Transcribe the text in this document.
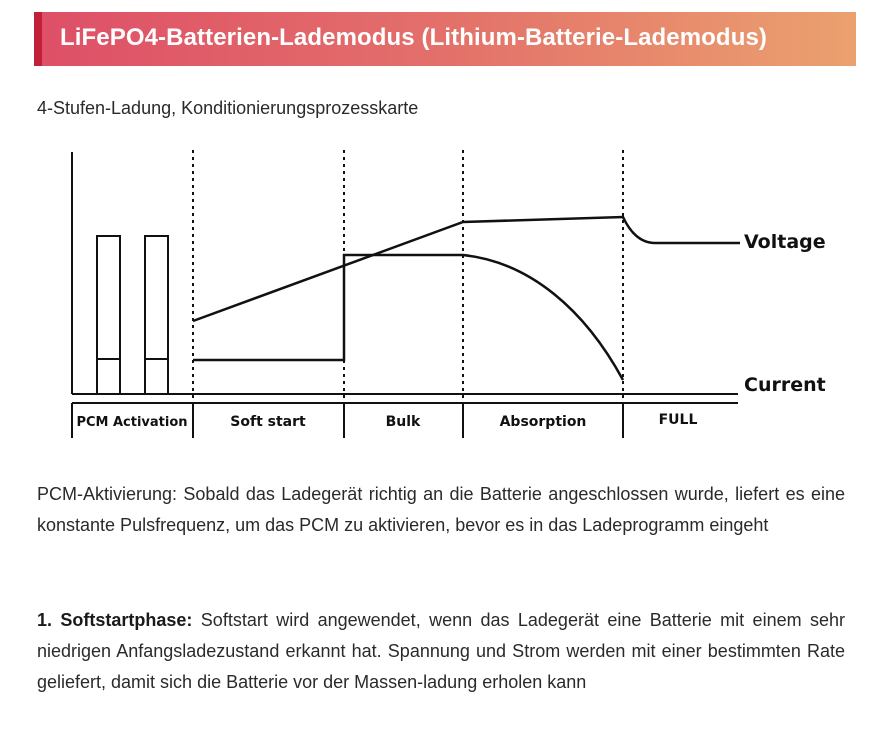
LiFePO4-Batterien-Lademodus (Lithium-Batterie-Lademodus)
4-Stufen-Ladung, Konditionierungsprozesskarte
Voltage
Current
PCM Activation	Soft start	Bulk	Absorption	FULL

PCM-Aktivierung: Sobald das Ladegerät richtig an die Batterie angeschlossen wurde, liefert es eine konstante Pulsfrequenz, um das PCM zu aktivieren, bevor es in das Ladeprogramm eingeht

1. Softstartphase: Softstart wird angewendet, wenn das Ladegerät eine Batterie mit einem sehr niedrigen Anfangsladezustand erkannt hat. Spannung und Strom werden mit einer bestimmten Rate geliefert, damit sich die Batterie vor der Massen-ladung erholen kann
